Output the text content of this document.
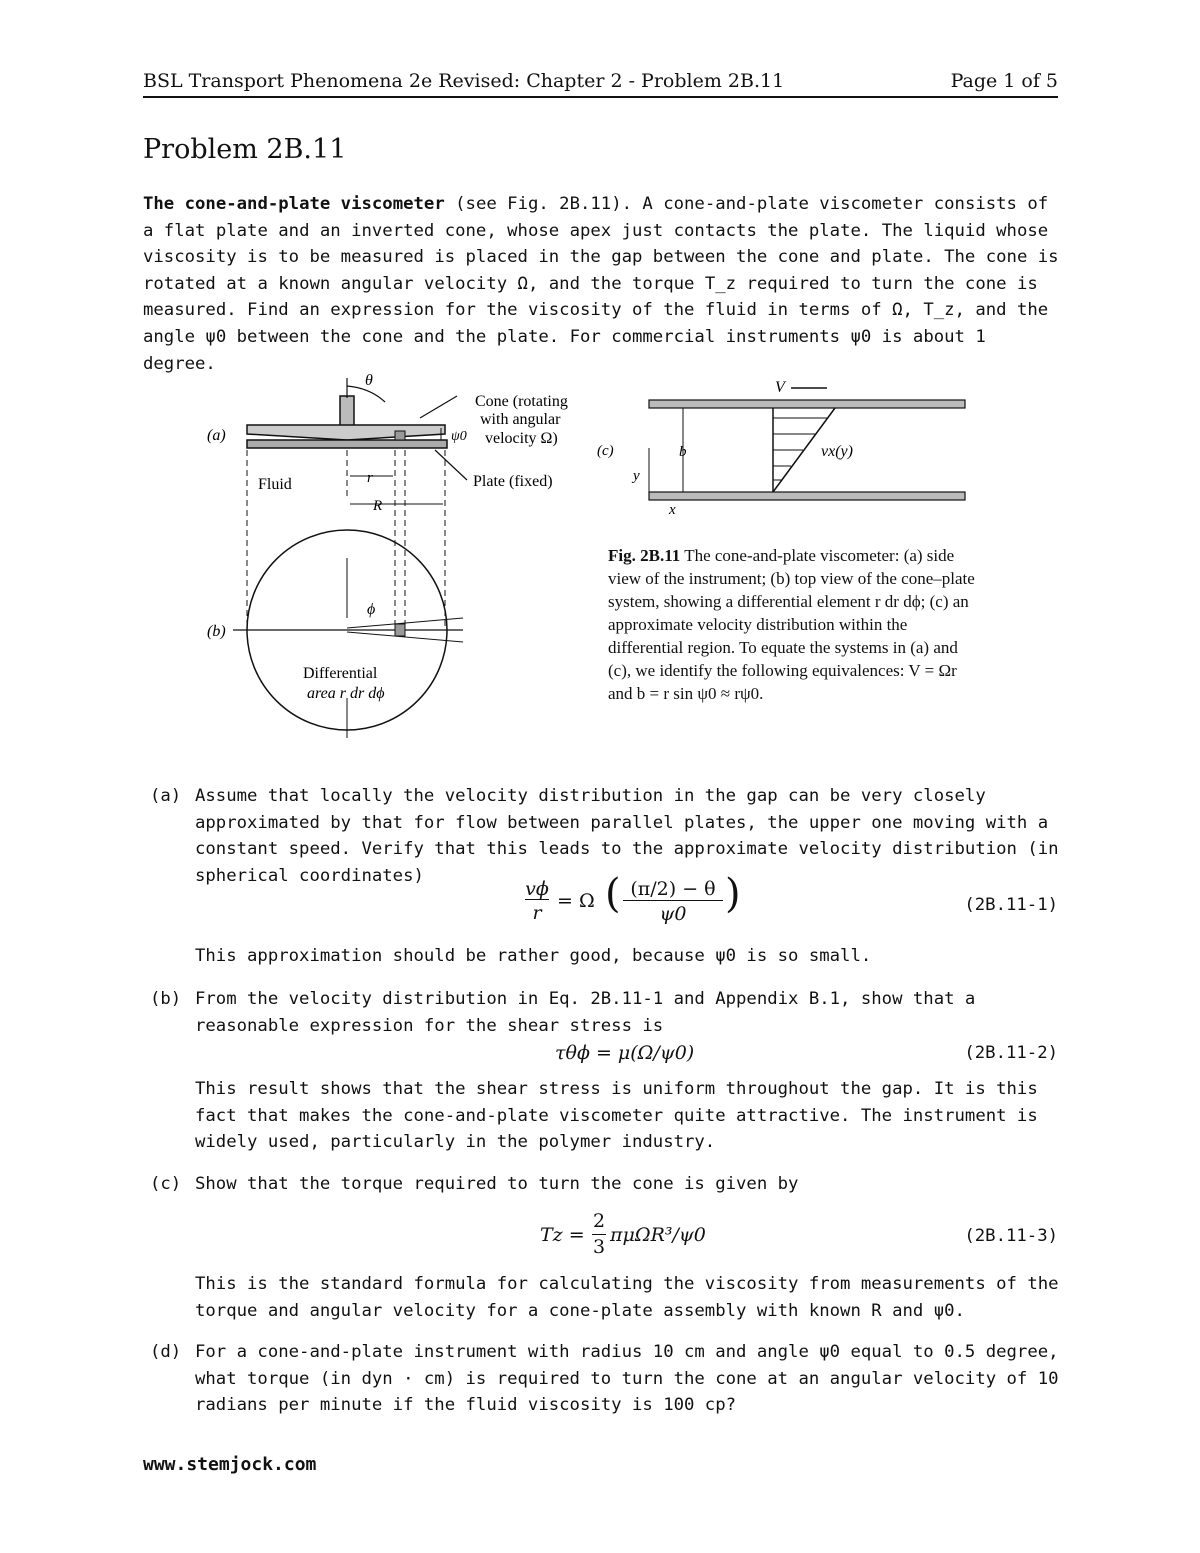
BSL Transport Phenomena 2e Revised: Chapter 2 - Problem 2B.11	Page 1 of 5
Problem 2B.11

The cone-and-plate viscometer (see Fig. 2B.11). A cone-and-plate viscometer consists of a flat plate and an inverted cone, whose apex just contacts the plate. The liquid whose viscosity is to be measured is placed in the gap between the cone and plate. The cone is rotated at a known angular velocity Ω, and the torque T_z required to turn the cone is measured. Find an expression for the viscosity of the fluid in terms of Ω, T_z, and the angle ψ0 between the cone and the plate. For commercial instruments ψ0 is about 1 degree.

θ
Cone (rotating
with angular
velocity Ω)
ψ0
(a)
Plate (fixed)
Fluid	r
R
ϕ
(b)
Differential
area r dr dϕ
V
b
y
x
(c)	vx(y)
Fig. 2B.11 The cone-and-plate viscometer: (a) side view of the instrument; (b) top view of the cone–plate system, showing a differential element r dr dϕ; (c) an approximate velocity distribution within the differential region. To equate the systems in (a) and (c), we identify the following equivalences: V = Ωr and b = r sin ψ0 ≈ rψ0.
(a) Assume that locally the velocity distribution in the gap can be very closely approximated by that for flow between parallel plates, the upper one moving with a constant speed. Verify that this leads to the approximate velocity distribution (in spherical coordinates)
vϕ
r
= Ω ( (π/2) − θ
ψ0 )	(2B.11-1)
This approximation should be rather good, because ψ0 is so small.
(b) From the velocity distribution in Eq. 2B.11-1 and Appendix B.1, show that a reasonable expression for the shear stress is
τθϕ = μ(Ω/ψ0)	(2B.11-2)
This result shows that the shear stress is uniform throughout the gap. It is this fact that makes the cone-and-plate viscometer quite attractive. The instrument is widely used, particularly in the polymer industry.
(c) Show that the torque required to turn the cone is given by
Tz =
2
3
πμΩR³/ψ0	(2B.11-3)
This is the standard formula for calculating the viscosity from measurements of the torque and angular velocity for a cone-plate assembly with known R and ψ0.
(d) For a cone-and-plate instrument with radius 10 cm and angle ψ0 equal to 0.5 degree, what torque (in dyn · cm) is required to turn the cone at an angular velocity of 10 radians per minute if the fluid viscosity is 100 cp?
www.stemjock.com
